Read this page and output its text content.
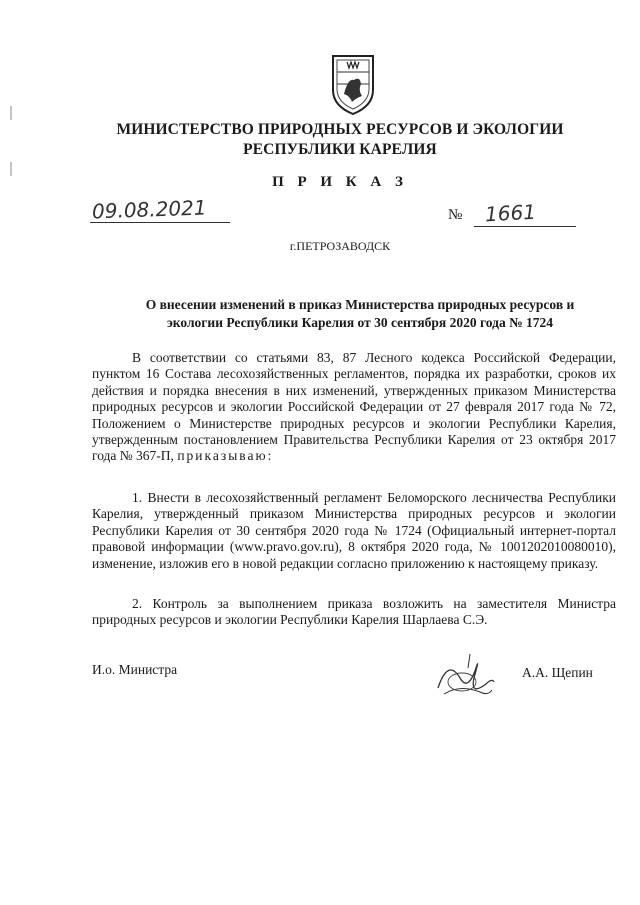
МИНИСТЕРСТВО ПРИРОДНЫХ РЕСУРСОВ И ЭКОЛОГИИ
РЕСПУБЛИКИ КАРЕЛИЯ
П Р И К А З
09.08.2021	№ 1661
г.ПЕТРОЗАВОДСК
О внесении изменений в приказ Министерства природных ресурсов и
экологии Республики Карелия от 30 сентября 2020 года № 1724

В соответствии со статьями 83, 87 Лесного кодекса Российской Федерации, пунктом 16 Состава лесохозяйственных регламентов, порядка их разработки, сроков их действия и порядка внесения в них изменений, утвержденных приказом Министерства природных ресурсов и экологии Российской Федерации от 27 февраля 2017 года № 72, Положением о Министерстве природных ресурсов и экологии Республики Карелия, утвержденным постановлением Правительства Республики Карелия от 23 октября 2017 года № 367-П, приказываю:

1. Внести в лесохозяйственный регламент Беломорского лесничества Республики Карелия, утвержденный приказом Министерства природных ресурсов и экологии Республики Карелия от 30 сентября 2020 года № 1724 (Официальный интернет-портал правовой информации (www.pravo.gov.ru), 8 октября 2020 года, № 1001202010080010), изменение, изложив его в новой редакции согласно приложению к настоящему приказу.

2. Контроль за выполнением приказа возложить на заместителя Министра природных ресурсов и экологии Республики Карелия Шарлаева С.Э.

И.о. Министра	А.А. Щепин
